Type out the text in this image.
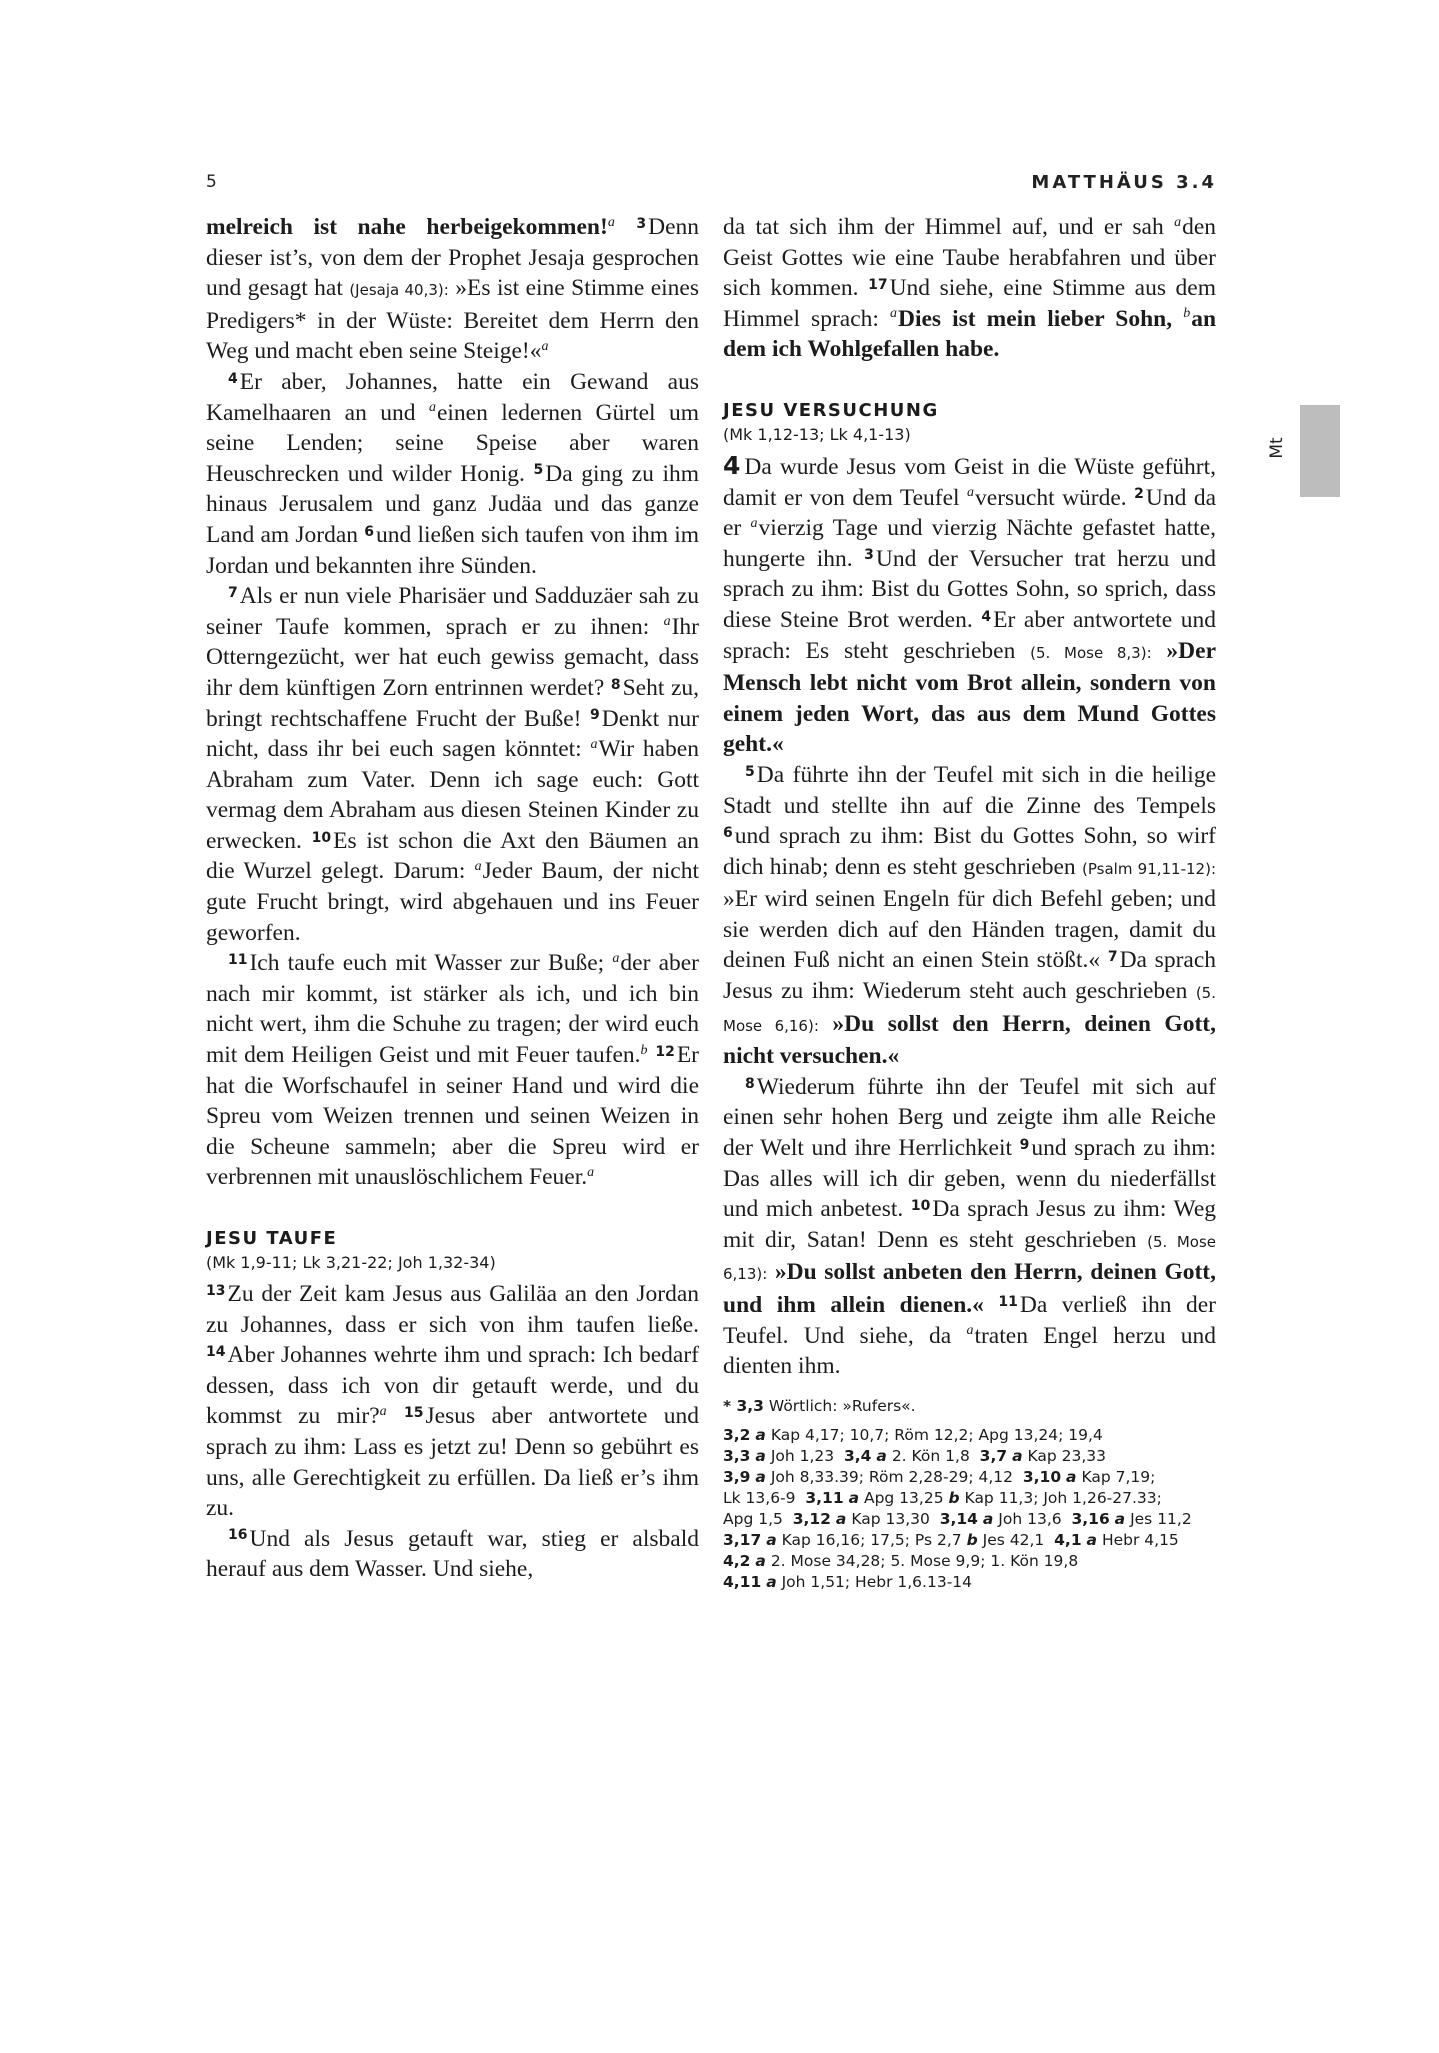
5	MATTHÄUS 3.4
Mt

melreich ist nahe herbeigekommen!$^a$ $^3$Denn dieser ist’s, von dem der Prophet Jesaja gesprochen und gesagt hat (Jesaja 40,3): »Es ist eine Stimme eines Predigers* in der Wüste: Bereitet dem Herrn den Weg und macht eben seine Steige!«$^a$

$^4$Er aber, Johannes, hatte ein Gewand aus Kamelhaaren an und $^a$einen ledernen Gürtel um seine Lenden; seine Speise aber waren Heuschrecken und wilder Honig. $^5$Da ging zu ihm hinaus Jerusalem und ganz Judäa und das ganze Land am Jordan $^6$und ließen sich taufen von ihm im Jordan und bekannten ihre Sünden.

$^7$Als er nun viele Pharisäer und Sadduzäer sah zu seiner Taufe kommen, sprach er zu ihnen: $^a$Ihr Otterngezücht, wer hat euch gewiss gemacht, dass ihr dem künftigen Zorn entrinnen werdet? $^8$Seht zu, bringt rechtschaffene Frucht der Buße! $^9$Denkt nur nicht, dass ihr bei euch sagen könntet: $^a$Wir haben Abraham zum Vater. Denn ich sage euch: Gott vermag dem Abraham aus diesen Steinen Kinder zu erwecken. $^{10}$Es ist schon die Axt den Bäumen an die Wurzel gelegt. Darum: $^a$Jeder Baum, der nicht gute Frucht bringt, wird abgehauen und ins Feuer geworfen.

$^{11}$Ich taufe euch mit Wasser zur Buße; $^a$der aber nach mir kommt, ist stärker als ich, und ich bin nicht wert, ihm die Schuhe zu tragen; der wird euch mit dem Heiligen Geist und mit Feuer taufen.$^b$ $^{12}$Er hat die Worfschaufel in seiner Hand und wird die Spreu vom Weizen trennen und seinen Weizen in die Scheune sammeln; aber die Spreu wird er verbrennen mit unauslöschlichem Feuer.$^a$

JESU TAUFE
(Mk 1,9-11; Lk 3,21-22; Joh 1,32-34)

$^{13}$Zu der Zeit kam Jesus aus Galiläa an den Jordan zu Johannes, dass er sich von ihm taufen ließe. $^{14}$Aber Johannes wehrte ihm und sprach: Ich bedarf dessen, dass ich von dir getauft werde, und du kommst zu mir?$^a$ $^{15}$Jesus aber antwortete und sprach zu ihm: Lass es jetzt zu! Denn so gebührt es uns, alle Gerechtigkeit zu erfüllen. Da ließ er’s ihm zu.

$^{16}$Und als Jesus getauft war, stieg er alsbald herauf aus dem Wasser. Und siehe,

da tat sich ihm der Himmel auf, und er sah $^a$den Geist Gottes wie eine Taube herabfahren und über sich kommen. $^{17}$Und siehe, eine Stimme aus dem Himmel sprach: $^a$Dies ist mein lieber Sohn, $^b$an dem ich Wohlgefallen habe.

JESU VERSUCHUNG
(Mk 1,12-13; Lk 4,1-13)

4 Da wurde Jesus vom Geist in die Wüste geführt, damit er von dem Teufel $^a$versucht würde. $^2$Und da er $^a$vierzig Tage und vierzig Nächte gefastet hatte, hungerte ihn. $^3$Und der Versucher trat herzu und sprach zu ihm: Bist du Gottes Sohn, so sprich, dass diese Steine Brot werden. $^4$Er aber antwortete und sprach: Es steht geschrieben (5. Mose 8,3): »Der Mensch lebt nicht vom Brot allein, sondern von einem jeden Wort, das aus dem Mund Gottes geht.«

$^5$Da führte ihn der Teufel mit sich in die heilige Stadt und stellte ihn auf die Zinne des Tempels $^6$und sprach zu ihm: Bist du Gottes Sohn, so wirf dich hinab; denn es steht geschrieben (Psalm 91,11-12): »Er wird seinen Engeln für dich Befehl geben; und sie werden dich auf den Händen tragen, damit du deinen Fuß nicht an einen Stein stößt.« $^7$Da sprach Jesus zu ihm: Wiederum steht auch geschrieben (5. Mose 6,16): »Du sollst den Herrn, deinen Gott, nicht versuchen.«

$^8$Wiederum führte ihn der Teufel mit sich auf einen sehr hohen Berg und zeigte ihm alle Reiche der Welt und ihre Herrlichkeit $^9$und sprach zu ihm: Das alles will ich dir geben, wenn du niederfällst und mich anbetest. $^{10}$Da sprach Jesus zu ihm: Weg mit dir, Satan! Denn es steht geschrieben (5. Mose 6,13): »Du sollst anbeten den Herrn, deinen Gott, und ihm allein dienen.« $^{11}$Da verließ ihn der Teufel. Und siehe, da $^a$traten Engel herzu und dienten ihm.

* 3,3 Wörtlich: »Rufers«.
3,2 a Kap 4,17; 10,7; Röm 12,2; Apg 13,24; 19,4
3,3 a Joh 1,23 3,4 a 2. Kön 1,8 3,7 a Kap 23,33
3,9 a Joh 8,33.39; Röm 2,28-29; 4,12 3,10 a Kap 7,19;
Lk 13,6-9 3,11 a Apg 13,25 b Kap 11,3; Joh 1,26-27.33;
Apg 1,5 3,12 a Kap 13,30 3,14 a Joh 13,6 3,16 a Jes 11,2
3,17 a Kap 16,16; 17,5; Ps 2,7 b Jes 42,1 4,1 a Hebr 4,15
4,2 a 2. Mose 34,28; 5. Mose 9,9; 1. Kön 19,8
4,11 a Joh 1,51; Hebr 1,6.13-14
